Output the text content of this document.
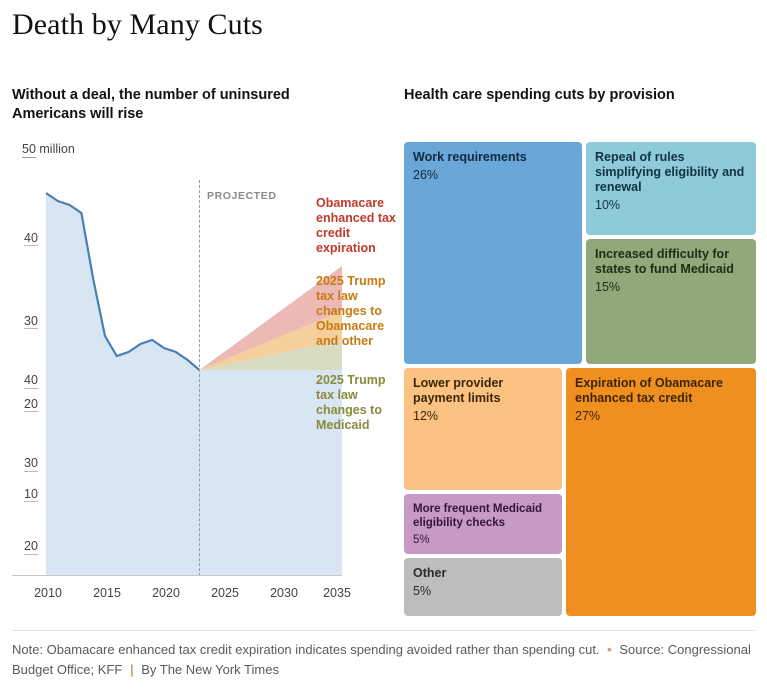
Death by Many Cuts
Without a deal, the number of uninsured Americans will rise
50 million
40
30
20
PROJECTED
2010 2015 2020 2025 2030 2035
Obamacare enhanced tax credit expiration
2025 Trump tax law changes to Obamacare and other
2025 Trump tax law changes to Medicaid
40
30
20
10
Health care spending cuts by provision
Work requirements
26%
Repeal of rules simplifying eligibility and renewal
10%
Increased difficulty for states to fund Medicaid
15%
Lower provider payment limits
12%
More frequent Medicaid eligibility checks
5%
Other
5%
Expiration of Obamacare enhanced tax credit
27%
Note: Obamacare enhanced tax credit expiration indicates spending avoided rather than spending cut. • Source: Congressional Budget Office; KFF | By The New York Times
